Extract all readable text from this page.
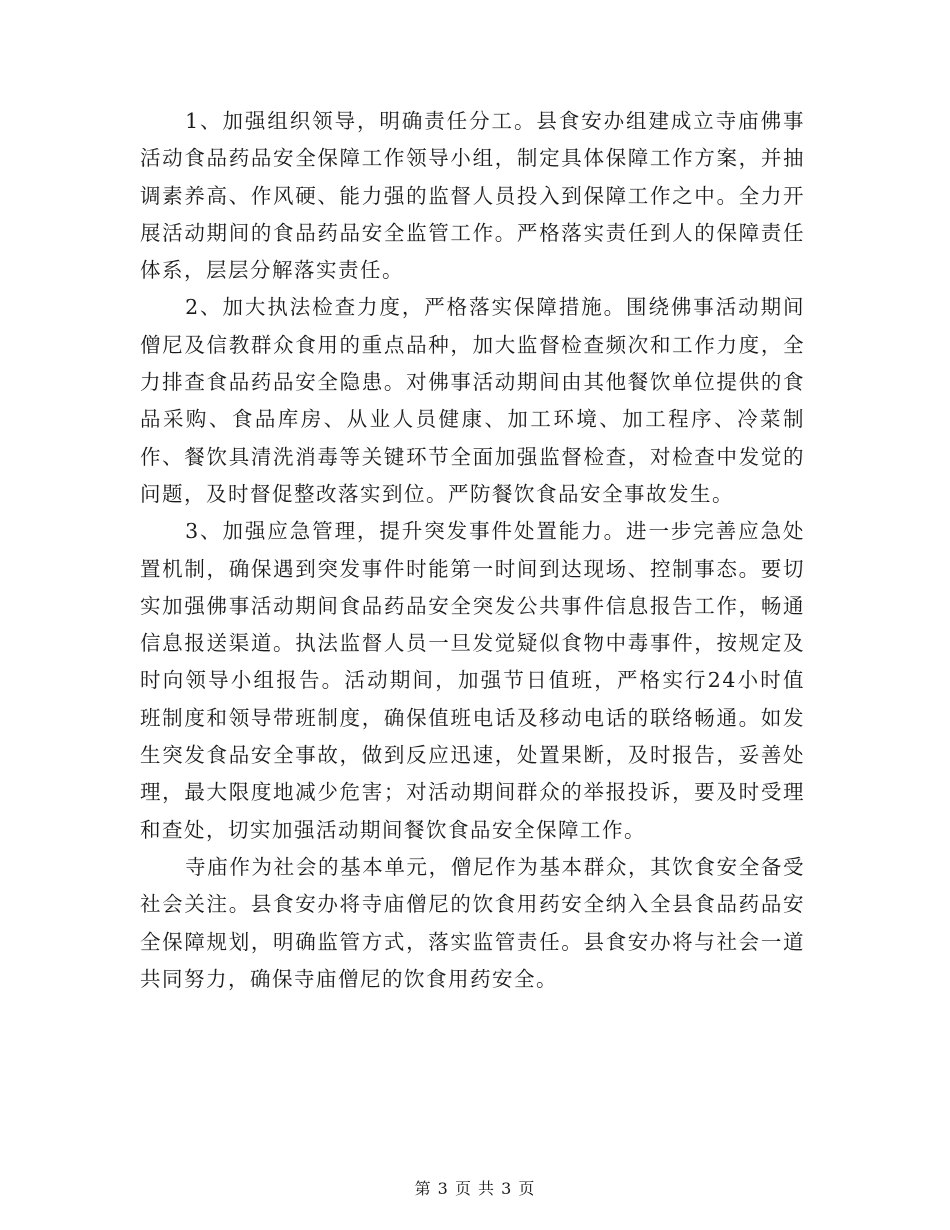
1、加强组织领导，明确责任分工。县食安办组建成立寺庙佛事活动食品药品安全保障工作领导小组，制定具体保障工作方案，并抽调素养高、作风硬、能力强的监督人员投入到保障工作之中。全力开展活动期间的食品药品安全监管工作。严格落实责任到人的保障责任体系，层层分解落实责任。

2、加大执法检查力度，严格落实保障措施。围绕佛事活动期间僧尼及信教群众食用的重点品种，加大监督检查频次和工作力度，全力排查食品药品安全隐患。对佛事活动期间由其他餐饮单位提供的食品采购、食品库房、从业人员健康、加工环境、加工程序、冷菜制作、餐饮具清洗消毒等关键环节全面加强监督检查，对检查中发觉的问题，及时督促整改落实到位。严防餐饮食品安全事故发生。

3、加强应急管理，提升突发事件处置能力。进一步完善应急处置机制，确保遇到突发事件时能第一时间到达现场、控制事态。要切实加强佛事活动期间食品药品安全突发公共事件信息报告工作，畅通信息报送渠道。执法监督人员一旦发觉疑似食物中毒事件，按规定及时向领导小组报告。活动期间，加强节日值班，严格实行24小时值班制度和领导带班制度，确保值班电话及移动电话的联络畅通。如发生突发食品安全事故，做到反应迅速，处置果断，及时报告，妥善处理，最大限度地减少危害；对活动期间群众的举报投诉，要及时受理和查处，切实加强活动期间餐饮食品安全保障工作。

寺庙作为社会的基本单元，僧尼作为基本群众，其饮食安全备受社会关注。县食安办将寺庙僧尼的饮食用药安全纳入全县食品药品安全保障规划，明确监管方式，落实监管责任。县食安办将与社会一道共同努力，确保寺庙僧尼的饮食用药安全。

第 3 页 共 3 页
